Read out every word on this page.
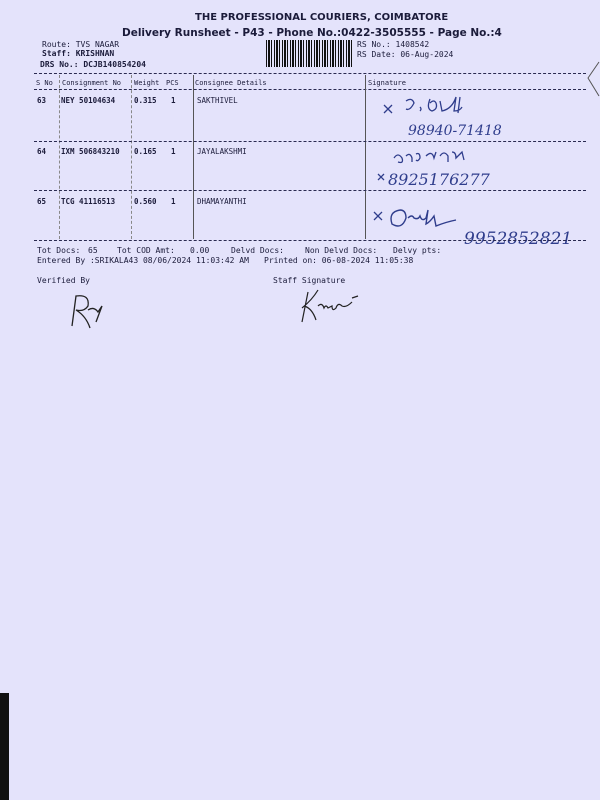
THE PROFESSIONAL COURIERS, COIMBATORE
Delivery Runsheet - P43 - Phone No.:0422-3505555 - Page No.:4
Route: TVS NAGAR
Staff: KRISHNAN
DRS No.: DCJB140854204
RS No.: 1408542
RS Date: 06-Aug-2024
S No Consignment No Weight PCS Consignee Details	Signature
63 NEY 50104634	0.315 1	SAKTHIVEL
98940-71418
64 IXM 506843210 0.165 1	JAYALAKSHMI
8925176277
65 TCG 41116513	0.560 1	DHAMAYANTHI
9952852821
Tot Docs: 65 Tot COD Amt: 0.00	Delvd Docs:	Non Delvd Docs: Delvy pts:
Entered By :SRIKALA43 08/06/2024 11:03:42 AM Printed on: 06-08-2024 11:05:38
Verified By	Staff Signature
